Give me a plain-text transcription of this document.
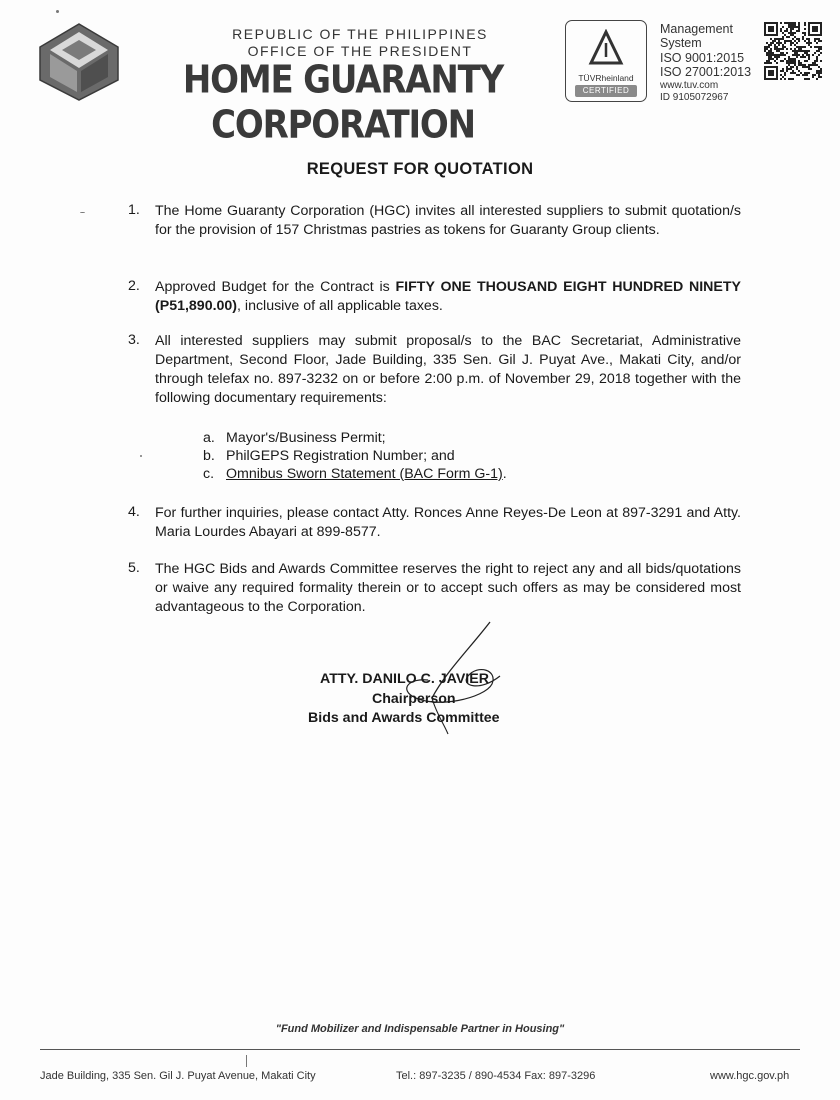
REPUBLIC OF THE PHILIPPINES
OFFICE OF THE PRESIDENT
HOME GUARANTY CORPORATION
TÜVRheinland
CERTIFIED
Management
System
ISO 9001:2015
ISO 27001:2013
www.tuv.com
ID 9105072967
REQUEST FOR QUOTATION
1. The Home Guaranty Corporation (HGC) invites all interested suppliers to submit quotation/s for the provision of 157 Christmas pastries as tokens for Guaranty Group clients.
2. Approved Budget for the Contract is FIFTY ONE THOUSAND EIGHT HUNDRED NINETY (P51,890.00), inclusive of all applicable taxes.
3. All interested suppliers may submit proposal/s to the BAC Secretariat, Administrative Department, Second Floor, Jade Building, 335 Sen. Gil J. Puyat Ave., Makati City, and/or through telefax no. 897-3232 on or before 2:00 p.m. of November 29, 2018 together with the following documentary requirements:
a. Mayor's/Business Permit;
b. PhilGEPS Registration Number; and
c. Omnibus Sworn Statement (BAC Form G-1).
4. For further inquiries, please contact Atty. Ronces Anne Reyes-De Leon at 897-3291 and Atty. Maria Lourdes Abayari at 899-8577.
5. The HGC Bids and Awards Committee reserves the right to reject any and all bids/quotations or waive any required formality therein or to accept such offers as may be considered most advantageous to the Corporation.
ATTY. DANILO C. JAVIER
Chairperson
Bids and Awards Committee
"Fund Mobilizer and Indispensable Partner in Housing"
Jade Building, 335 Sen. Gil J. Puyat Avenue, Makati City	Tel.: 897-3235 / 890-4534 Fax: 897-3296	www.hgc.gov.ph
